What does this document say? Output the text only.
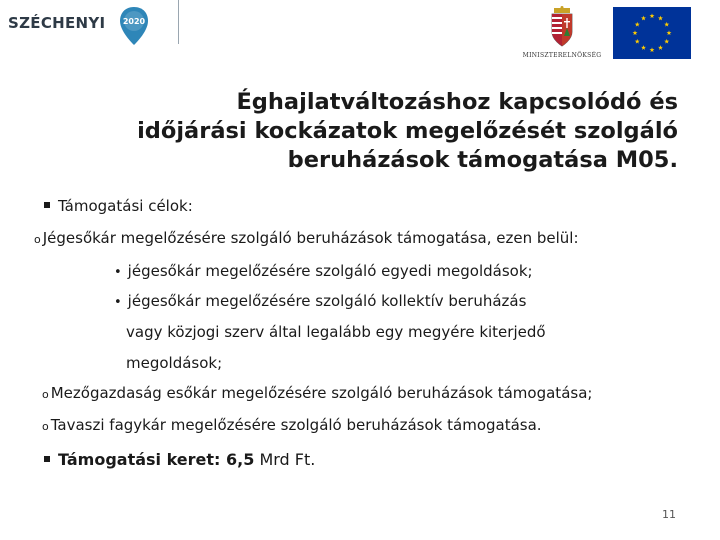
SZÉCHENYI 2020
MINISZTERELNÖKSÉG
Éghajlatváltozáshoz kapcsolódó és
időjárási kockázatok megelőzését szolgáló
beruházások támogatása M05.
Támogatási célok:
o Jégesőkár megelőzésére szolgáló beruházások támogatása, ezen belül:
• jégesőkár megelőzésére szolgáló egyedi megoldások;
• jégesőkár megelőzésére szolgáló kollektív beruházás
vagy közjogi szerv által legalább egy megyére kiterjedő
megoldások;
o Mezőgazdaság esőkár megelőzésére szolgáló beruházások támogatása;
o Tavaszi fagykár megelőzésére szolgáló beruházások támogatása.
Támogatási keret: 6,5 Mrd Ft.
11
